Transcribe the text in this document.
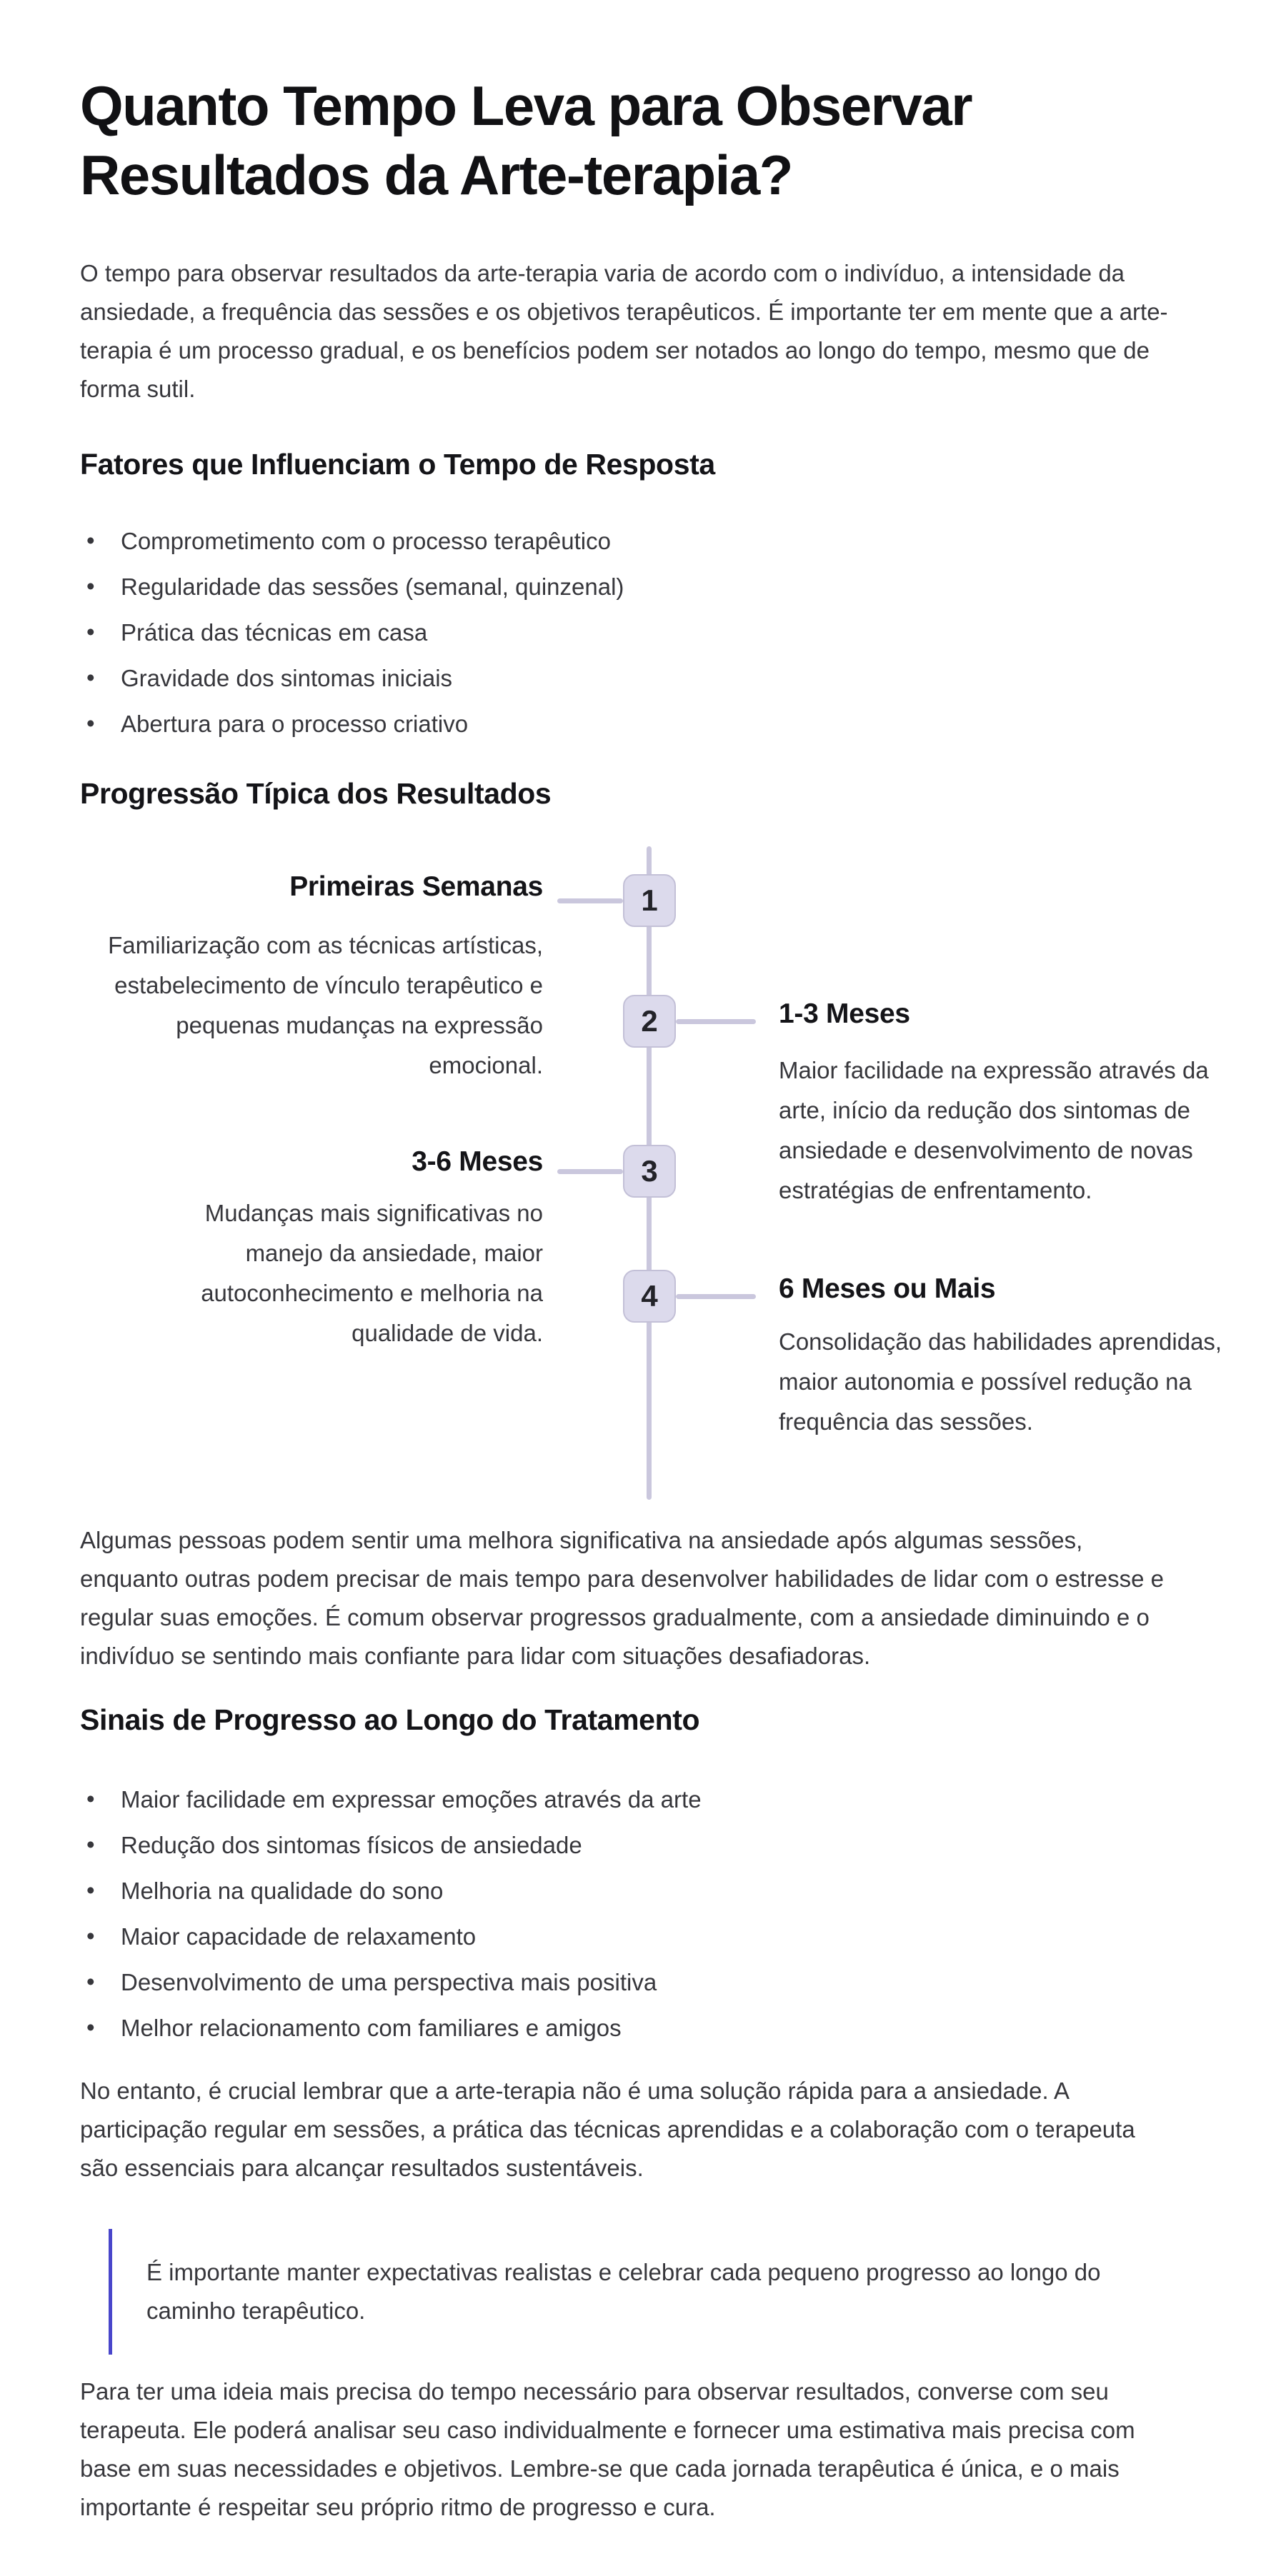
Quanto Tempo Leva para Observar Resultados da Arte-terapia?

O tempo para observar resultados da arte-terapia varia de acordo com o indivíduo, a intensidade da ansiedade, a frequência das sessões e os objetivos terapêuticos. É importante ter em mente que a arte-terapia é um processo gradual, e os benefícios podem ser notados ao longo do tempo, mesmo que de forma sutil.

Fatores que Influenciam o Tempo de Resposta
• Comprometimento com o processo terapêutico
• Regularidade das sessões (semanal, quinzenal)
• Prática das técnicas em casa
• Gravidade dos sintomas iniciais
• Abertura para o processo criativo
Progressão Típica dos Resultados
1
2
3
4
Primeiras Semanas
Familiarização com as técnicas artísticas, estabelecimento de vínculo terapêutico e pequenas mudanças na expressão emocional.
1-3 Meses
Maior facilidade na expressão através da arte, início da redução dos sintomas de ansiedade e desenvolvimento de novas estratégias de enfrentamento.
3-6 Meses
Mudanças mais significativas no manejo da ansiedade, maior autoconhecimento e melhoria na qualidade de vida.
6 Meses ou Mais
Consolidação das habilidades aprendidas, maior autonomia e possível redução na frequência das sessões.

Algumas pessoas podem sentir uma melhora significativa na ansiedade após algumas sessões, enquanto outras podem precisar de mais tempo para desenvolver habilidades de lidar com o estresse e regular suas emoções. É comum observar progressos gradualmente, com a ansiedade diminuindo e o indivíduo se sentindo mais confiante para lidar com situações desafiadoras.

Sinais de Progresso ao Longo do Tratamento
• Maior facilidade em expressar emoções através da arte
• Redução dos sintomas físicos de ansiedade
• Melhoria na qualidade do sono
• Maior capacidade de relaxamento
• Desenvolvimento de uma perspectiva mais positiva
• Melhor relacionamento com familiares e amigos

No entanto, é crucial lembrar que a arte-terapia não é uma solução rápida para a ansiedade. A participação regular em sessões, a prática das técnicas aprendidas e a colaboração com o terapeuta são essenciais para alcançar resultados sustentáveis.

É importante manter expectativas realistas e celebrar cada pequeno progresso ao longo do caminho terapêutico.

Para ter uma ideia mais precisa do tempo necessário para observar resultados, converse com seu terapeuta. Ele poderá analisar seu caso individualmente e fornecer uma estimativa mais precisa com base em suas necessidades e objetivos. Lembre-se que cada jornada terapêutica é única, e o mais importante é respeitar seu próprio ritmo de progresso e cura.
